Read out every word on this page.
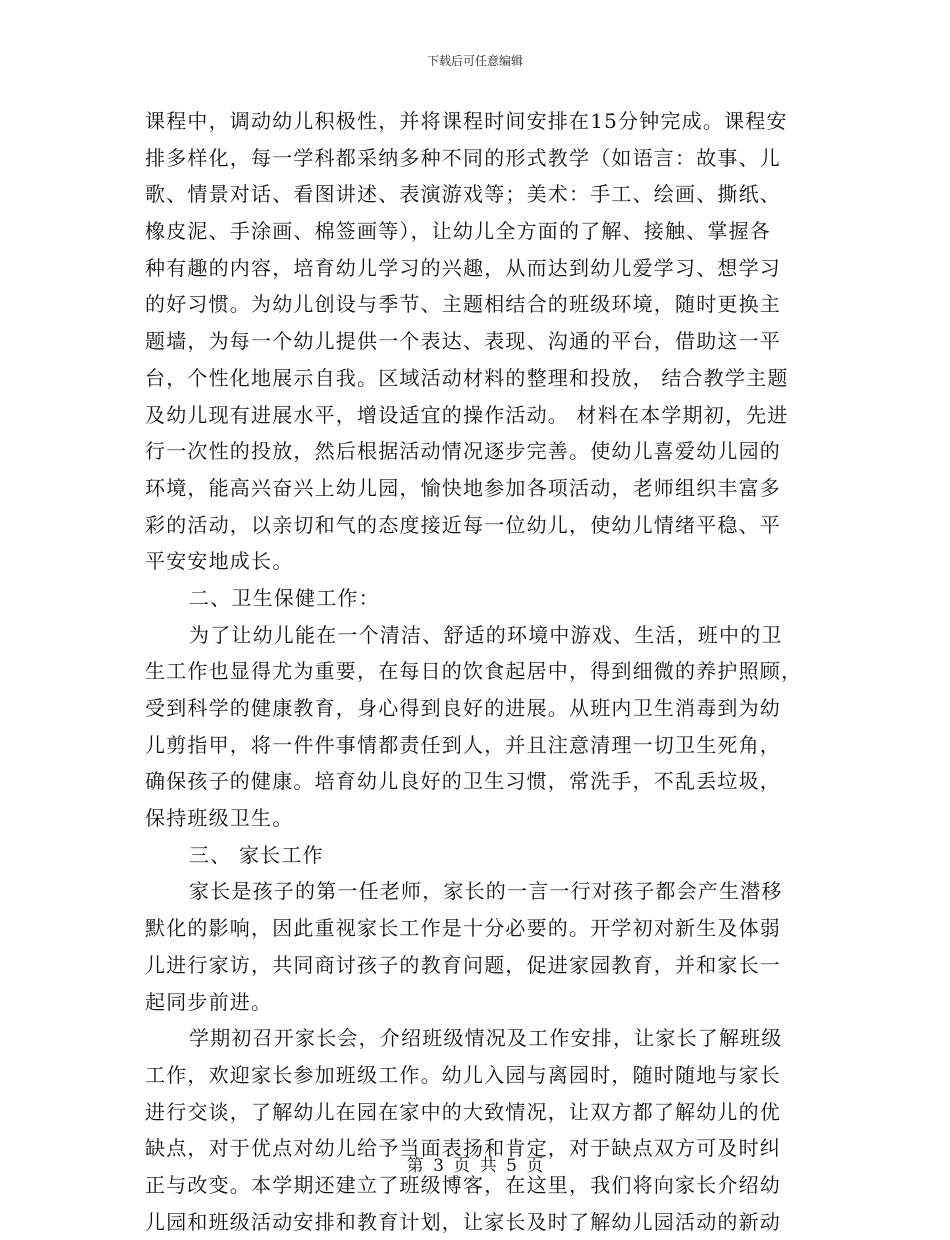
下载后可任意编辑
课程中，调动幼儿积极性，并将课程时间安排在15分钟完成。课程安
排多样化，每一学科都采纳多种不同的形式教学（如语言：故事、儿
歌、情景对话、看图讲述、表演游戏等；美术：手工、绘画、撕纸、
橡皮泥、手涂画、棉签画等），让幼儿全方面的了解、接触、掌握各
种有趣的内容，培育幼儿学习的兴趣，从而达到幼儿爱学习、想学习
的好习惯。为幼儿创设与季节、主题相结合的班级环境，随时更换主
题墙，为每一个幼儿提供一个表达、表现、沟通的平台，借助这一平
台，个性化地展示自我。区域活动材料的整理和投放， 结合教学主题
及幼儿现有进展水平，增设适宜的操作活动。 材料在本学期初，先进
行一次性的投放，然后根据活动情况逐步完善。使幼儿喜爱幼儿园的
环境，能高兴奋兴上幼儿园，愉快地参加各项活动，老师组织丰富多
彩的活动，以亲切和气的态度接近每一位幼儿，使幼儿情绪平稳、平
平安安地成长。
二、卫生保健工作：
为了让幼儿能在一个清洁、舒适的环境中游戏、生活，班中的卫
生工作也显得尤为重要，在每日的饮食起居中，得到细微的养护照顾，
受到科学的健康教育，身心得到良好的进展。从班内卫生消毒到为幼
儿剪指甲，将一件件事情都责任到人，并且注意清理一切卫生死角，
确保孩子的健康。培育幼儿良好的卫生习惯，常洗手，不乱丢垃圾，
保持班级卫生。
三、 家长工作
家长是孩子的第一任老师，家长的一言一行对孩子都会产生潜移
默化的影响，因此重视家长工作是十分必要的。开学初对新生及体弱
儿进行家访，共同商讨孩子的教育问题，促进家园教育，并和家长一
起同步前进。
学期初召开家长会，介绍班级情况及工作安排，让家长了解班级
工作，欢迎家长参加班级工作。幼儿入园与离园时，随时随地与家长
进行交谈，了解幼儿在园在家中的大致情况，让双方都了解幼儿的优
缺点，对于优点对幼儿给予当面表扬和肯定，对于缺点双方可及时纠
正与改变。本学期还建立了班级博客，在这里，我们将向家长介绍幼
儿园和班级活动安排和教育计划，让家长及时了解幼儿园活动的新动
第 3 页 共 5 页
